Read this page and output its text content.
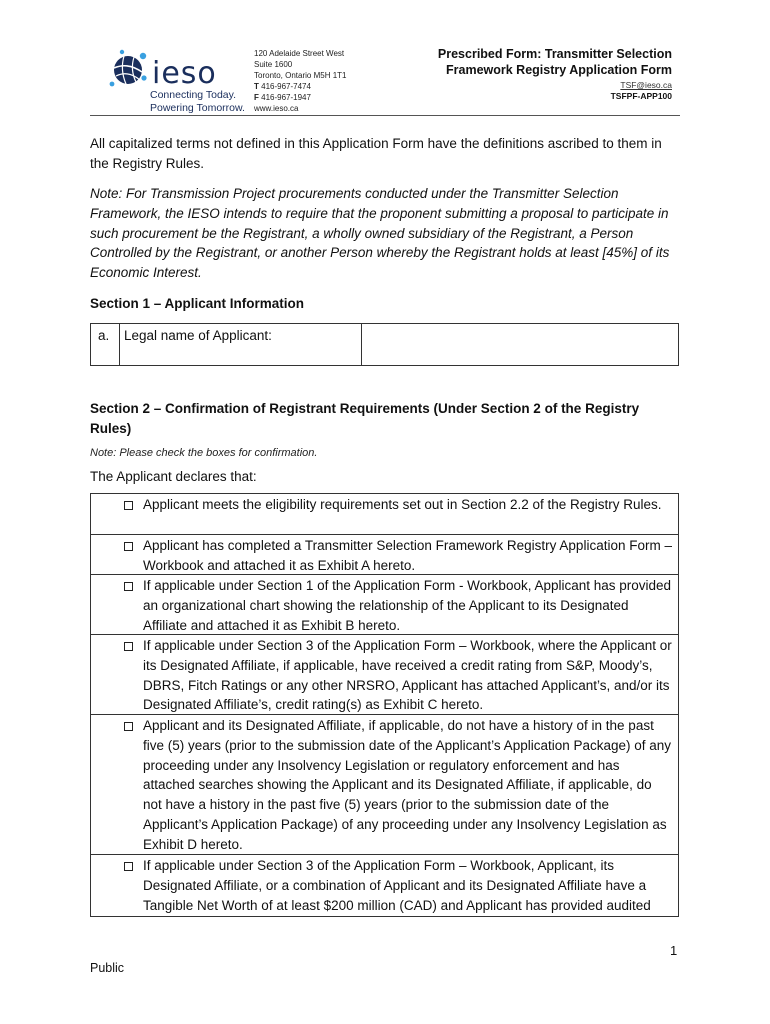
ieso
Connecting Today.
Powering Tomorrow.
120 Adelaide Street West
Suite 1600
Toronto, Ontario M5H 1T1
T 416-967-7474
F 416-967-1947
www.ieso.ca
Prescribed Form: Transmitter Selection
Framework Registry Application Form
TSF@ieso.ca
TSFPF-APP100
All capitalized terms not defined in this Application Form have the definitions ascribed to them in the Registry Rules.
Note: For Transmission Project procurements conducted under the Transmitter Selection Framework, the IESO intends to require that the proponent submitting a proposal to participate in such procurement be the Registrant, a wholly owned subsidiary of the Registrant, a Person Controlled by the Registrant, or another Person whereby the Registrant holds at least [45%] of its Economic Interest.
Section 1 – Applicant Information
a. Legal name of Applicant:
Section 2 – Confirmation of Registrant Requirements (Under Section 2 of the Registry Rules)
Note: Please check the boxes for confirmation.
The Applicant declares that:
Applicant meets the eligibility requirements set out in Section 2.2 of the Registry Rules.
Applicant has completed a Transmitter Selection Framework Registry Application Form – Workbook and attached it as Exhibit A hereto.
If applicable under Section 1 of the Application Form - Workbook, Applicant has provided an organizational chart showing the relationship of the Applicant to its Designated Affiliate and attached it as Exhibit B hereto.
If applicable under Section 3 of the Application Form – Workbook, where the Applicant or its Designated Affiliate, if applicable, have received a credit rating from S&P, Moody’s, DBRS, Fitch Ratings or any other NRSRO, Applicant has attached Applicant’s, and/or its Designated Affiliate’s, credit rating(s) as Exhibit C hereto.
Applicant and its Designated Affiliate, if applicable, do not have a history of in the past five (5) years (prior to the submission date of the Applicant’s Application Package) of any proceeding under any Insolvency Legislation or regulatory enforcement and has attached searches showing the Applicant and its Designated Affiliate, if applicable, do not have a history in the past five (5) years (prior to the submission date of the Applicant’s Application Package) of any proceeding under any Insolvency Legislation as Exhibit D hereto.
If applicable under Section 3 of the Application Form – Workbook, Applicant, its Designated Affiliate, or a combination of Applicant and its Designated Affiliate have a Tangible Net Worth of at least $200 million (CAD) and Applicant has provided audited
1
Public
